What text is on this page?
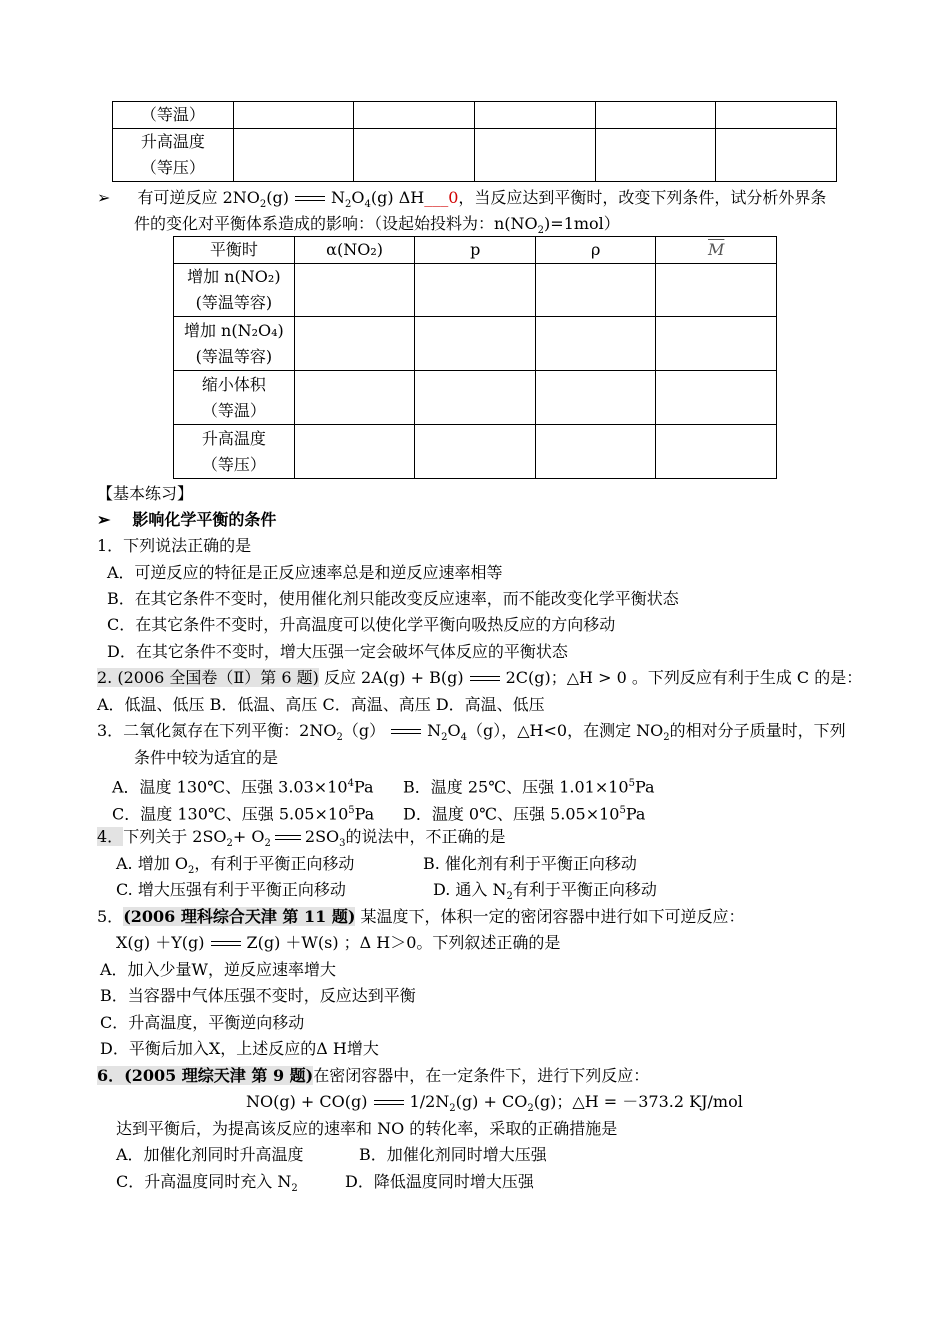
（等温）					

升高温度
（等压）					

➢ 有可逆反应 $2NO_2(g)$	$N_2O_4(g)$ ΔH___0，当反应达到平衡时，改变下列条件，试分析外界条
件的变化对平衡体系造成的影响：（设起始投料为：$n(NO_2)=1mol$）
平衡时	α(NO₂)	p	ρ	$\overline{M}$

增加 n(NO₂)
(等温等容)				

增加 n(N₂O₄)
(等温等容)				

缩小体积
（等温）				

升高温度
（等压）				

【基本练习】
➢ 影响化学平衡的条件
1．下列说法正确的是
A．可逆反应的特征是正反应速率总是和逆反应速率相等
B．在其它条件不变时，使用催化剂只能改变反应速率，而不能改变化学平衡状态
C．在其它条件不变时，升高温度可以使化学平衡向吸热反应的方向移动
D．在其它条件不变时，增大压强一定会破坏气体反应的平衡状态
2. (2006 全国卷（Ⅱ）第 6 题) 反应 2A(g) + B(g)	2C(g)；△H > 0 。下列反应有利于生成 C 的是：
A．低温、低压 B．低温、高压 C．高温、高压 D．高温、低压
3．二氧化氮存在下列平衡：$2NO_2(g)$	$N_2O_4(g)$，△H<0，在测定 $NO_2$的相对分子质量时，下列
条件中较为适宜的是
A．温度 130℃、压强 $3.03\times 10^4Pa$ B．温度 25℃、压强 $1.01\times 10^5Pa$
C．温度 130℃、压强 $5.05\times 10^5Pa$ D．温度 0℃、压强 $5.05\times 10^5Pa$
4．下列关于 $2SO_2+ O_2$ $2SO_3$的说法中，不正确的是
A. 增加 $O_2$，有利于平衡正向移动	B. 催化剂有利于平衡正向移动
C. 增大压强有利于平衡正向移动	D. 通入 $N_2$有利于平衡正向移动
5．(2006 理科综合天津 第 11 题) 某温度下，体积一定的密闭容器中进行如下可逆反应：
X(g) ＋Y(g)	Z(g) ＋W(s) ；Δ H＞0。下列叙述正确的是
A．加入少量W，逆反应速率增大
B．当容器中气体压强不变时，反应达到平衡
C．升高温度，平衡逆向移动
D．平衡后加入X，上述反应的Δ H增大
6．(2005 理综天津 第 9 题)在密闭容器中，在一定条件下，进行下列反应：
NO(g) + CO(g)	$1/2N_2(g) + CO_2(g)$；△H = －373.2 KJ/mol
达到平衡后，为提高该反应的速率和 NO 的转化率，采取的正确措施是
A．加催化剂同时升高温度	B．加催化剂同时增大压强
C．升高温度同时充入 $N_2$	D．降低温度同时增大压强
